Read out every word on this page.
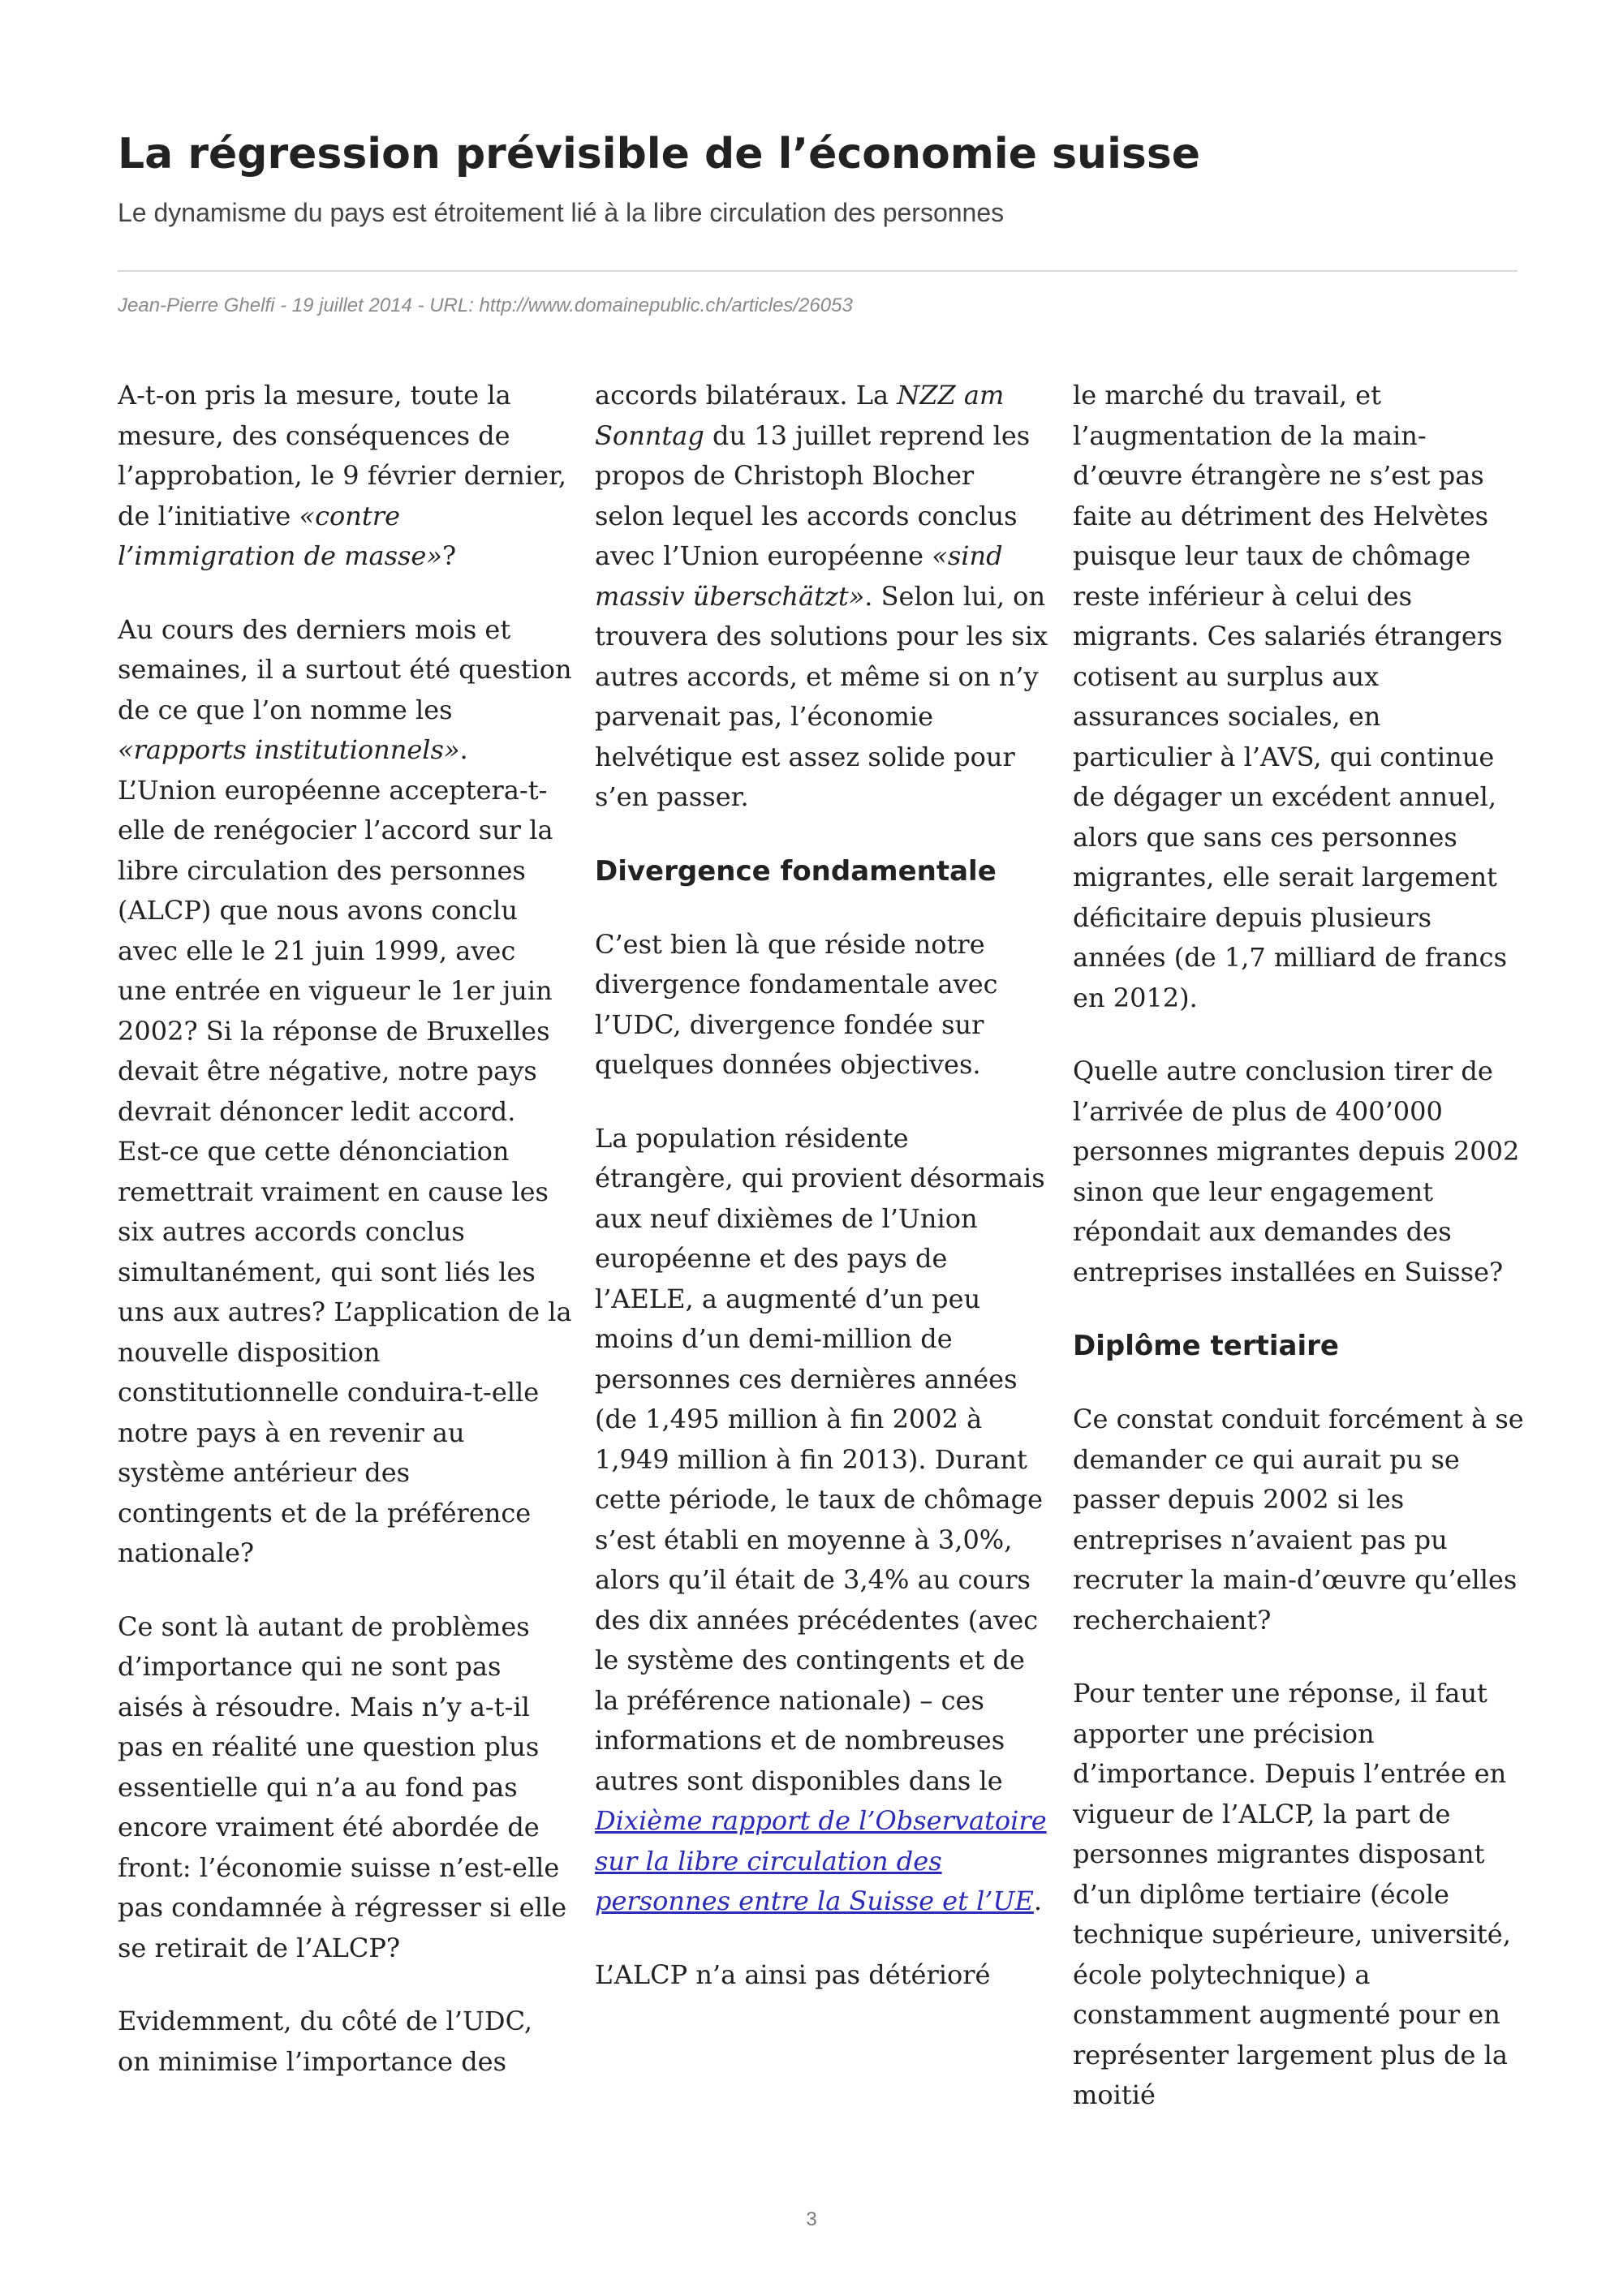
La régression prévisible de l’économie suisse

Le dynamisme du pays est étroitement lié à la libre circulation des personnes

Jean-Pierre Ghelfi - 19 juillet 2014 - URL: http://www.domainepublic.ch/articles/26053

A-t-on pris la mesure, toute la mesure, des conséquences de l’approbation, le 9 février dernier, de l’initiative «contre l’immigration de masse»?

Au cours des derniers mois et semaines, il a surtout été question de ce que l’on nomme les «rapports institutionnels». L’Union européenne acceptera-t-elle de renégocier l’accord sur la libre circulation des personnes (ALCP) que nous avons conclu avec elle le 21 juin 1999, avec une entrée en vigueur le 1er juin 2002? Si la réponse de Bruxelles devait être négative, notre pays devrait dénoncer ledit accord. Est-ce que cette dénonciation remettrait vraiment en cause les six autres accords conclus simultanément, qui sont liés les uns aux autres? L’application de la nouvelle disposition constitutionnelle conduira-t-elle notre pays à en revenir au système antérieur des contingents et de la préférence nationale?

Ce sont là autant de problèmes d’importance qui ne sont pas aisés à résoudre. Mais n’y a-t-il pas en réalité une question plus essentielle qui n’a au fond pas encore vraiment été abordée de front: l’économie suisse n’est-elle pas condamnée à régresser si elle se retirait de l’ALCP?

Evidemment, du côté de l’UDC, on minimise l’importance des

accords bilatéraux. La NZZ am Sonntag du 13 juillet reprend les propos de Christoph Blocher selon lequel les accords conclus avec l’Union européenne «sind massiv überschätzt». Selon lui, on trouvera des solutions pour les six autres accords, et même si on n’y parvenait pas, l’économie helvétique est assez solide pour s’en passer.

Divergence fondamentale

C’est bien là que réside notre divergence fondamentale avec l’UDC, divergence fondée sur quelques données objectives.

La population résidente étrangère, qui provient désormais aux neuf dixièmes de l’Union européenne et des pays de l’AELE, a augmenté d’un peu moins d’un demi-million de personnes ces dernières années (de 1,495 million à fin 2002 à 1,949 million à fin 2013). Durant cette période, le taux de chômage s’est établi en moyenne à 3,0%, alors qu’il était de 3,4% au cours des dix années précédentes (avec le système des contingents et de la préférence nationale) – ces informations et de nombreuses autres sont disponibles dans le Dixième rapport de l’Observatoire sur la libre circulation des personnes entre la Suisse et l’UE.

L’ALCP n’a ainsi pas détérioré

le marché du travail, et l’augmentation de la main-d’œuvre étrangère ne s’est pas faite au détriment des Helvètes puisque leur taux de chômage reste inférieur à celui des migrants. Ces salariés étrangers cotisent au surplus aux assurances sociales, en particulier à l’AVS, qui continue de dégager un excédent annuel, alors que sans ces personnes migrantes, elle serait largement déficitaire depuis plusieurs années (de 1,7 milliard de francs en 2012).

Quelle autre conclusion tirer de l’arrivée de plus de 400’000 personnes migrantes depuis 2002 sinon que leur engagement répondait aux demandes des entreprises installées en Suisse?

Diplôme tertiaire

Ce constat conduit forcément à se demander ce qui aurait pu se passer depuis 2002 si les entreprises n’avaient pas pu recruter la main-d’œuvre qu’elles recherchaient?

Pour tenter une réponse, il faut apporter une précision d’importance. Depuis l’entrée en vigueur de l’ALCP, la part de personnes migrantes disposant d’un diplôme tertiaire (école technique supérieure, université, école polytechnique) a constamment augmenté pour en représenter largement plus de la moitié

3
